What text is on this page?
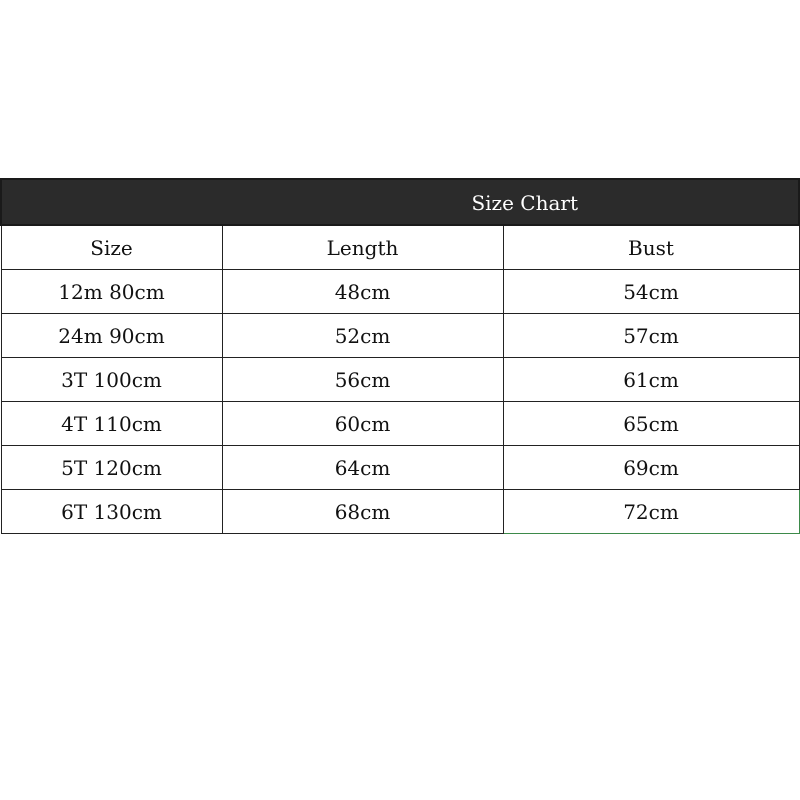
Size Chart		
Size	Length	Bust
12m 80cm	48cm	54cm
24m 90cm	52cm	57cm
3T 100cm	56cm	61cm
4T 110cm	60cm	65cm
5T 120cm	64cm	69cm
6T 130cm	68cm	72cm
